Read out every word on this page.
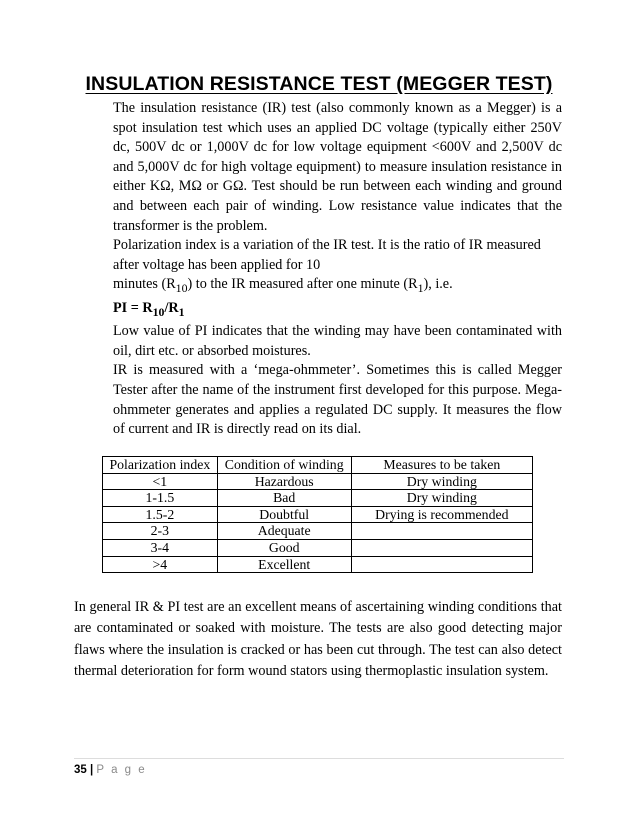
INSULATION RESISTANCE TEST (MEGGER TEST)

The insulation resistance (IR) test (also commonly known as a Megger) is a spot insulation test which uses an applied DC voltage (typically either 250V dc, 500V dc or 1,000V dc for low voltage equipment <600V and 2,500V dc and 5,000V dc for high voltage equipment) to measure insulation resistance in either KΩ, MΩ or GΩ. Test should be run between each winding and ground and between each pair of winding. Low resistance value indicates that the transformer is the problem.

Polarization index is a variation of the IR test. It is the ratio of IR measured after voltage has been applied for 10

minutes $(R_{10})$ to the IR measured after one minute $(R_1)$, i.e.

PI = $R_{10}/R_1$

Low value of PI indicates that the winding may have been contaminated with oil, dirt etc. or absorbed moistures.

IR is measured with a ‘mega-ohmmeter’. Sometimes this is called Megger Tester after the name of the instrument first developed for this purpose. Mega-ohmmeter generates and applies a regulated DC supply. It measures the flow of current and IR is directly read on its dial.

Polarization index	Condition of winding	Measures to be taken
<1	Hazardous	Dry winding
1-1.5	Bad	Dry winding
1.5-2	Doubtful	Drying is recommended
2-3	Adequate	
3-4	Good	
>4	Excellent	

In general IR & PI test are an excellent means of ascertaining winding conditions that are contaminated or soaked with moisture. The tests are also good detecting major flaws where the insulation is cracked or has been cut through. The test can also detect thermal deterioration for form wound stators using thermoplastic insulation system.

35 | P a g e
